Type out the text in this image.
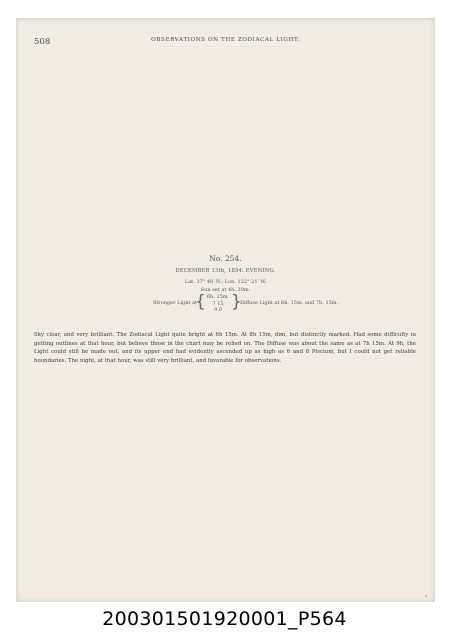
508	OBSERVATIONS ON THE ZODIACAL LIGHT.
No. 254.
DECEMBER 13th, 1854: EVENING.
Lat. 37° 48′ N.; Lon. 122° 21′ W.
Sun set at 4h. 30m.
Stronger Light at
{ 6h. 15m.
7 15
9 0 }
Diffuse Light at 6h. 15m. and 7h. 15m.

Sky clear, and very brilliant. The Zodiacal Light quite bright at 6h 15m. At 8h 15m, dim, but distinctly marked. Had some difficulty in getting outlines at that hour, but believe those in the chart may be relied on. The Diffuse was about the same as at 7h 15m. At 9h, the Light could still be made out, and its upper end had evidently ascended up as high as 6 and 8 Piscium, but I could not get reliable boundaries. The night, at that hour, was still very brilliant, and favorable for observations.

a
200301501920001_P564
